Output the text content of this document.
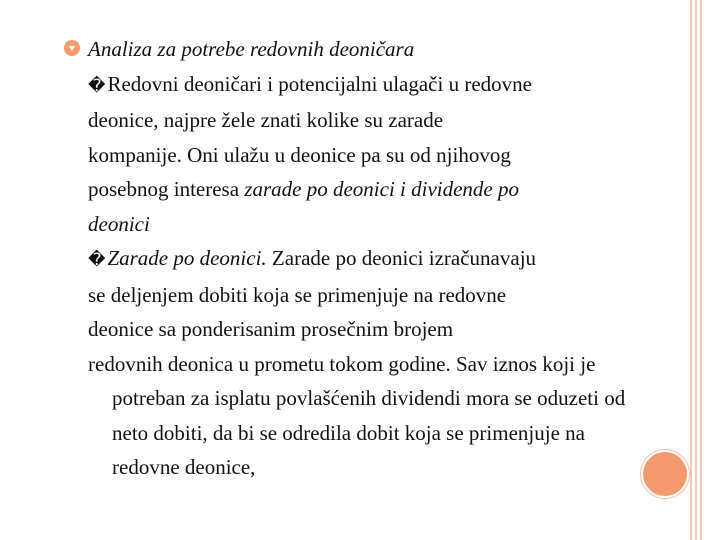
Analiza za potrebe redovnih deoničara
�Redovni deoničari i potencijalni ulagači u redovne
deonice, najpre žele znati kolike su zarade
kompanije. Oni ulažu u deonice pa su od njihovog
posebnog interesa zarade po deonici i dividende po
deonici
�Zarade po deonici. Zarade po deonici izračunavaju
se deljenjem dobiti koja se primenjuje na redovne
deonice sa ponderisanim prosečnim brojem
redovnih deonica u prometu tokom godine. Sav iznos koji je
potreban za isplatu povlašćenih dividendi mora se oduzeti od
neto dobiti, da bi se odredila dobit koja se primenjuje na
redovne deonice,
